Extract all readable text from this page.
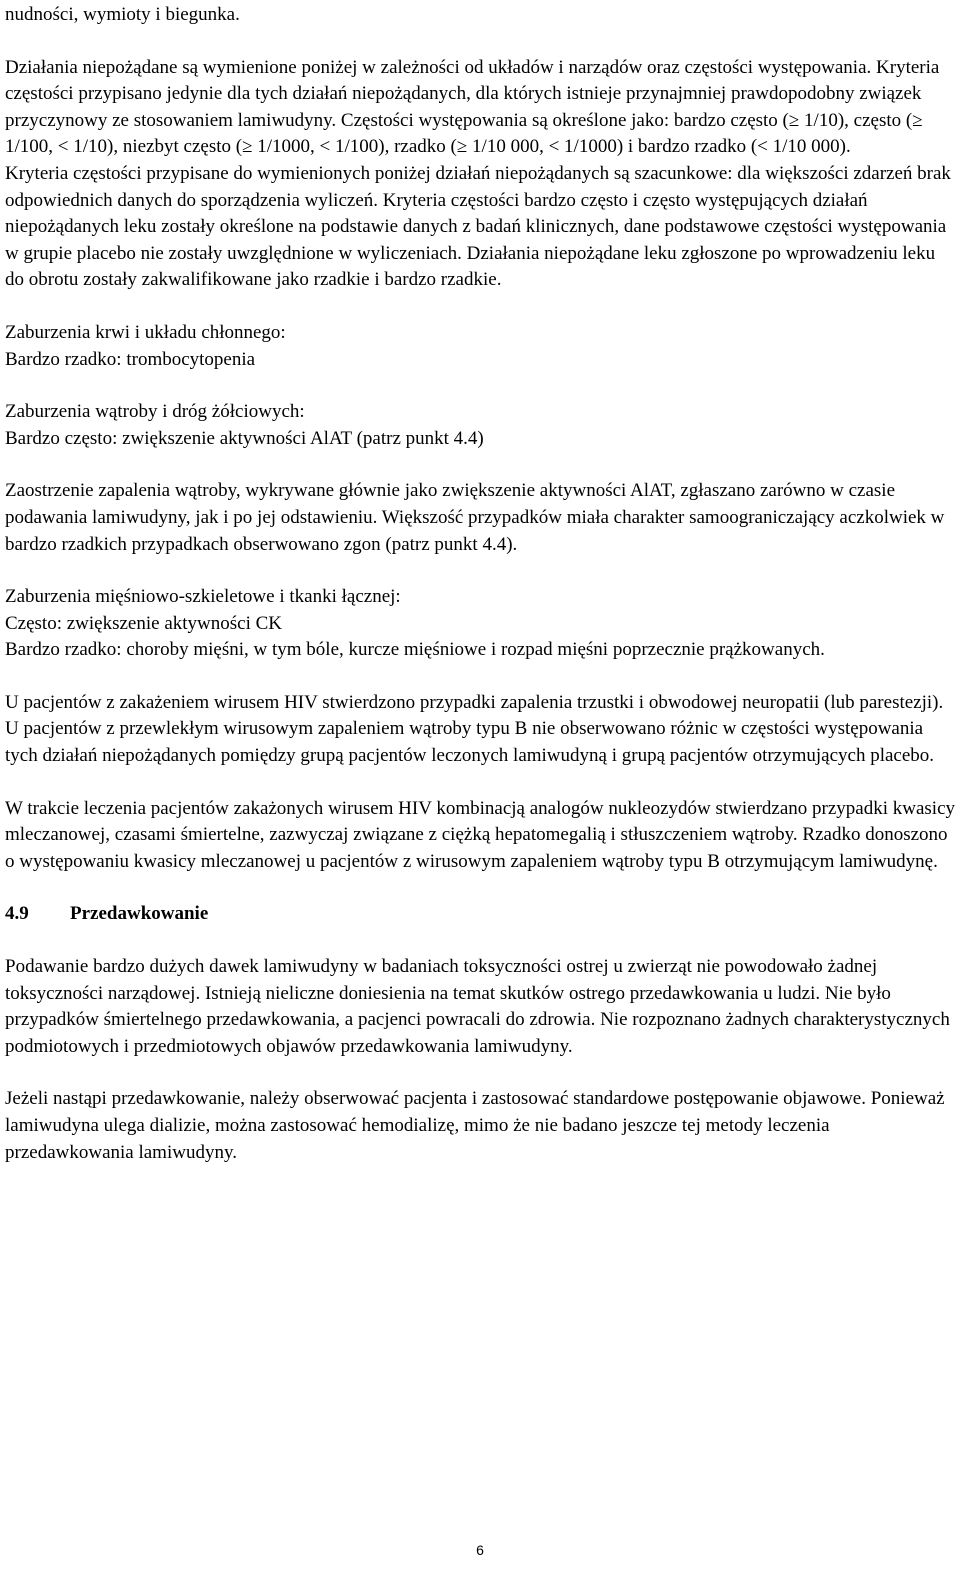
nudności, wymioty i biegunka.

Działania niepożądane są wymienione poniżej w zależności od układów i narządów oraz częstości występowania. Kryteria częstości przypisano jedynie dla tych działań niepożądanych, dla których istnieje przynajmniej prawdopodobny związek przyczynowy ze stosowaniem lamiwudyny. Częstości występowania są określone jako: bardzo często (≥ 1/10), często (≥ 1/100, < 1/10), niezbyt często (≥ 1/1000, < 1/100), rzadko (≥ 1/10 000, < 1/1000) i bardzo rzadko (< 1/10 000).

Kryteria częstości przypisane do wymienionych poniżej działań niepożądanych są szacunkowe: dla większości zdarzeń brak odpowiednich danych do sporządzenia wyliczeń. Kryteria częstości bardzo często i często występujących działań niepożądanych leku zostały określone na podstawie danych z badań klinicznych, dane podstawowe częstości występowania w grupie placebo nie zostały uwzględnione w wyliczeniach. Działania niepożądane leku zgłoszone po wprowadzeniu leku do obrotu zostały zakwalifikowane jako rzadkie i bardzo rzadkie.

Zaburzenia krwi i układu chłonnego:

Bardzo rzadko: trombocytopenia

Zaburzenia wątroby i dróg żółciowych:

Bardzo często: zwiększenie aktywności AlAT (patrz punkt 4.4)

Zaostrzenie zapalenia wątroby, wykrywane głównie jako zwiększenie aktywności AlAT, zgłaszano zarówno w czasie podawania lamiwudyny, jak i po jej odstawieniu. Większość przypadków miała charakter samoograniczający aczkolwiek w bardzo rzadkich przypadkach obserwowano zgon (patrz punkt 4.4).

Zaburzenia mięśniowo-szkieletowe i tkanki łącznej:

Często: zwiększenie aktywności CK

Bardzo rzadko: choroby mięśni, w tym bóle, kurcze mięśniowe i rozpad mięśni poprzecznie prążkowanych.

U pacjentów z zakażeniem wirusem HIV stwierdzono przypadki zapalenia trzustki i obwodowej neuropatii (lub parestezji). U pacjentów z przewlekłym wirusowym zapaleniem wątroby typu B nie obserwowano różnic w częstości występowania tych działań niepożądanych pomiędzy grupą pacjentów leczonych lamiwudyną i grupą pacjentów otrzymujących placebo.

W trakcie leczenia pacjentów zakażonych wirusem HIV kombinacją analogów nukleozydów stwierdzano przypadki kwasicy mleczanowej, czasami śmiertelne, zazwyczaj związane z ciężką hepatomegalią i stłuszczeniem wątroby. Rzadko donoszono o występowaniu kwasicy mleczanowej u pacjentów z wirusowym zapaleniem wątroby typu B otrzymującym lamiwudynę.

4.9 Przedawkowanie

Podawanie bardzo dużych dawek lamiwudyny w badaniach toksyczności ostrej u zwierząt nie powodowało żadnej toksyczności narządowej. Istnieją nieliczne doniesienia na temat skutków ostrego przedawkowania u ludzi. Nie było przypadków śmiertelnego przedawkowania, a pacjenci powracali do zdrowia. Nie rozpoznano żadnych charakterystycznych podmiotowych i przedmiotowych objawów przedawkowania lamiwudyny.

Jeżeli nastąpi przedawkowanie, należy obserwować pacjenta i zastosować standardowe postępowanie objawowe. Ponieważ lamiwudyna ulega dializie, można zastosować hemodializę, mimo że nie badano jeszcze tej metody leczenia przedawkowania lamiwudyny.

6
